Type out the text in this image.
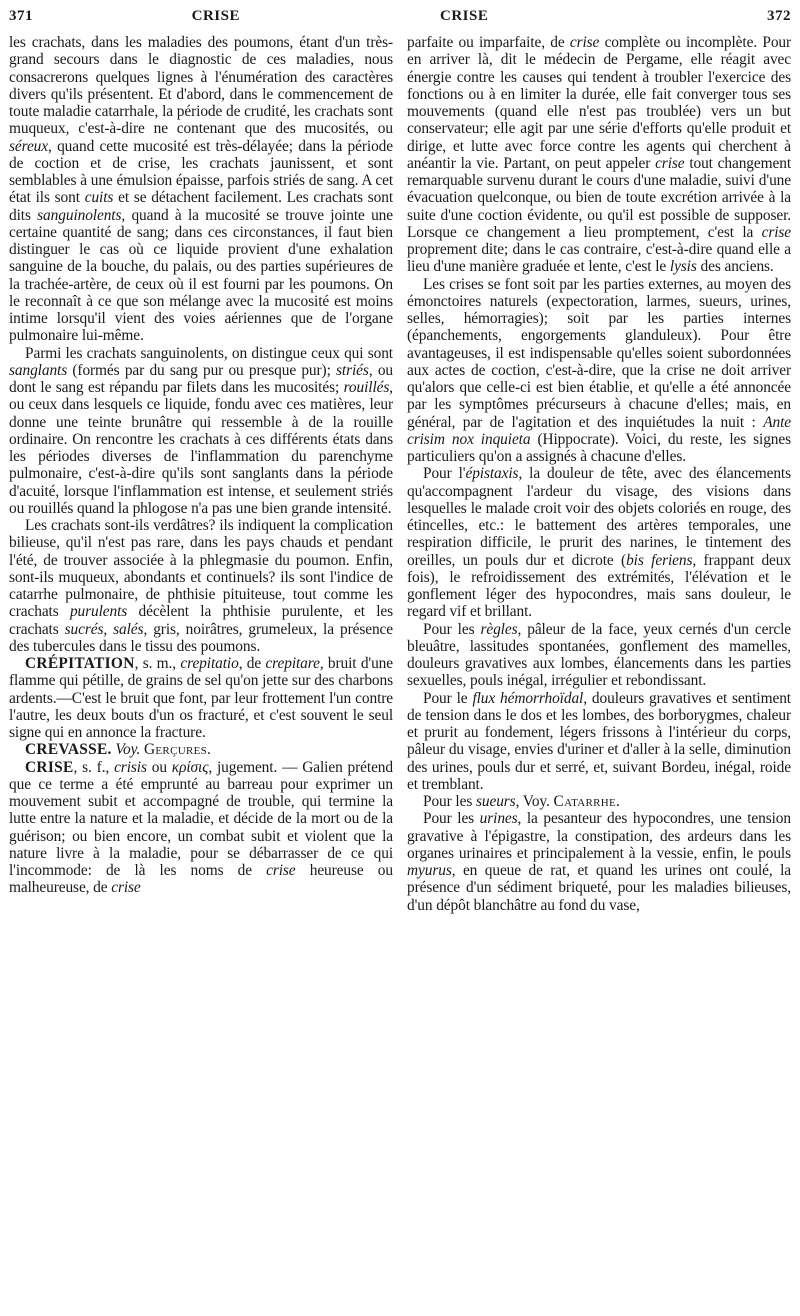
371	CRISE	CRISE	372

les crachats, dans les maladies des poumons, étant d'un très-grand secours dans le diagnostic de ces maladies, nous consacrerons quelques lignes à l'énumération des caractères divers qu'ils présentent. Et d'abord, dans le commencement de toute maladie catarrhale, la période de crudité, les crachats sont muqueux, c'est-à-dire ne contenant que des mucosités, ou séreux, quand cette mucosité est très-délayée; dans la période de coction et de crise, les crachats jaunissent, et sont semblables à une émulsion épaisse, parfois striés de sang. A cet état ils sont cuits et se détachent facilement. Les crachats sont dits sanguinolents, quand à la mucosité se trouve jointe une certaine quantité de sang; dans ces circonstances, il faut bien distinguer le cas où ce liquide provient d'une exhalation sanguine de la bouche, du palais, ou des parties supérieures de la trachée-artère, de ceux où il est fourni par les poumons. On le reconnaît à ce que son mélange avec la mucosité est moins intime lorsqu'il vient des voies aériennes que de l'organe pulmonaire lui-même.

Parmi les crachats sanguinolents, on distingue ceux qui sont sanglants (formés par du sang pur ou presque pur); striés, ou dont le sang est répandu par filets dans les mucosités; rouillés, ou ceux dans lesquels ce liquide, fondu avec ces matières, leur donne une teinte brunâtre qui ressemble à de la rouille ordinaire. On rencontre les crachats à ces différents états dans les périodes diverses de l'inflammation du parenchyme pulmonaire, c'est-à-dire qu'ils sont sanglants dans la période d'acuité, lorsque l'inflammation est intense, et seulement striés ou rouillés quand la phlogose n'a pas une bien grande intensité.

Les crachats sont-ils verdâtres? ils indiquent la complication bilieuse, qu'il n'est pas rare, dans les pays chauds et pendant l'été, de trouver associée à la phlegmasie du poumon. Enfin, sont-ils muqueux, abondants et continuels? ils sont l'indice de catarrhe pulmonaire, de phthisie pituiteuse, tout comme les crachats purulents décèlent la phthisie purulente, et les crachats sucrés, salés, gris, noirâtres, grumeleux, la présence des tubercules dans le tissu des poumons.

CRÉPITATION, s. m., crepitatio, de crepitare, bruit d'une flamme qui pétille, de grains de sel qu'on jette sur des charbons ardents.—C'est le bruit que font, par leur frottement l'un contre l'autre, les deux bouts d'un os fracturé, et c'est souvent le seul signe qui en annonce la fracture.

CREVASSE. Voy. Gerçures.

CRISE, s. f., crisis ou κρίσις, jugement. — Galien prétend que ce terme a été emprunté au barreau pour exprimer un mouvement subit et accompagné de trouble, qui termine la lutte entre la nature et la maladie, et décide de la mort ou de la guérison; ou bien encore, un combat subit et violent que la nature livre à la maladie, pour se débarrasser de ce qui l'incommode: de là les noms de crise heureuse ou malheureuse, de crise

parfaite ou imparfaite, de crise complète ou incomplète. Pour en arriver là, dit le médecin de Pergame, elle réagit avec énergie contre les causes qui tendent à troubler l'exercice des fonctions ou à en limiter la durée, elle fait converger tous ses mouvements (quand elle n'est pas troublée) vers un but conservateur; elle agit par une série d'efforts qu'elle produit et dirige, et lutte avec force contre les agents qui cherchent à anéantir la vie. Partant, on peut appeler crise tout changement remarquable survenu durant le cours d'une maladie, suivi d'une évacuation quelconque, ou bien de toute excrétion arrivée à la suite d'une coction évidente, ou qu'il est possible de supposer. Lorsque ce changement a lieu promptement, c'est la crise proprement dite; dans le cas contraire, c'est-à-dire quand elle a lieu d'une manière graduée et lente, c'est le lysis des anciens.

Les crises se font soit par les parties externes, au moyen des émonctoires naturels (expectoration, larmes, sueurs, urines, selles, hémorragies); soit par les parties internes (épanchements, engorgements glanduleux). Pour être avantageuses, il est indispensable qu'elles soient subordonnées aux actes de coction, c'est-à-dire, que la crise ne doit arriver qu'alors que celle-ci est bien établie, et qu'elle a été annoncée par les symptômes précurseurs à chacune d'elles; mais, en général, par de l'agitation et des inquiétudes la nuit : Ante crisim nox inquieta (Hippocrate). Voici, du reste, les signes particuliers qu'on a assignés à chacune d'elles.

Pour l'épistaxis, la douleur de tête, avec des élancements qu'accompagnent l'ardeur du visage, des visions dans lesquelles le malade croit voir des objets coloriés en rouge, des étincelles, etc.: le battement des artères temporales, une respiration difficile, le prurit des narines, le tintement des oreilles, un pouls dur et dicrote (bis feriens, frappant deux fois), le refroidissement des extrémités, l'élévation et le gonflement léger des hypocondres, mais sans douleur, le regard vif et brillant.

Pour les règles, pâleur de la face, yeux cernés d'un cercle bleuâtre, lassitudes spontanées, gonflement des mamelles, douleurs gravatives aux lombes, élancements dans les parties sexuelles, pouls inégal, irrégulier et rebondissant.

Pour le flux hémorrhoïdal, douleurs gravatives et sentiment de tension dans le dos et les lombes, des borborygmes, chaleur et prurit au fondement, légers frissons à l'intérieur du corps, pâleur du visage, envies d'uriner et d'aller à la selle, diminution des urines, pouls dur et serré, et, suivant Bordeu, inégal, roide et tremblant.

Pour les sueurs, Voy. Catarrhe.

Pour les urines, la pesanteur des hypocondres, une tension gravative à l'épigastre, la constipation, des ardeurs dans les organes urinaires et principalement à la vessie, enfin, le pouls myurus, en queue de rat, et quand les urines ont coulé, la présence d'un sédiment briqueté, pour les maladies bilieuses, d'un dépôt blanchâtre au fond du vase,
